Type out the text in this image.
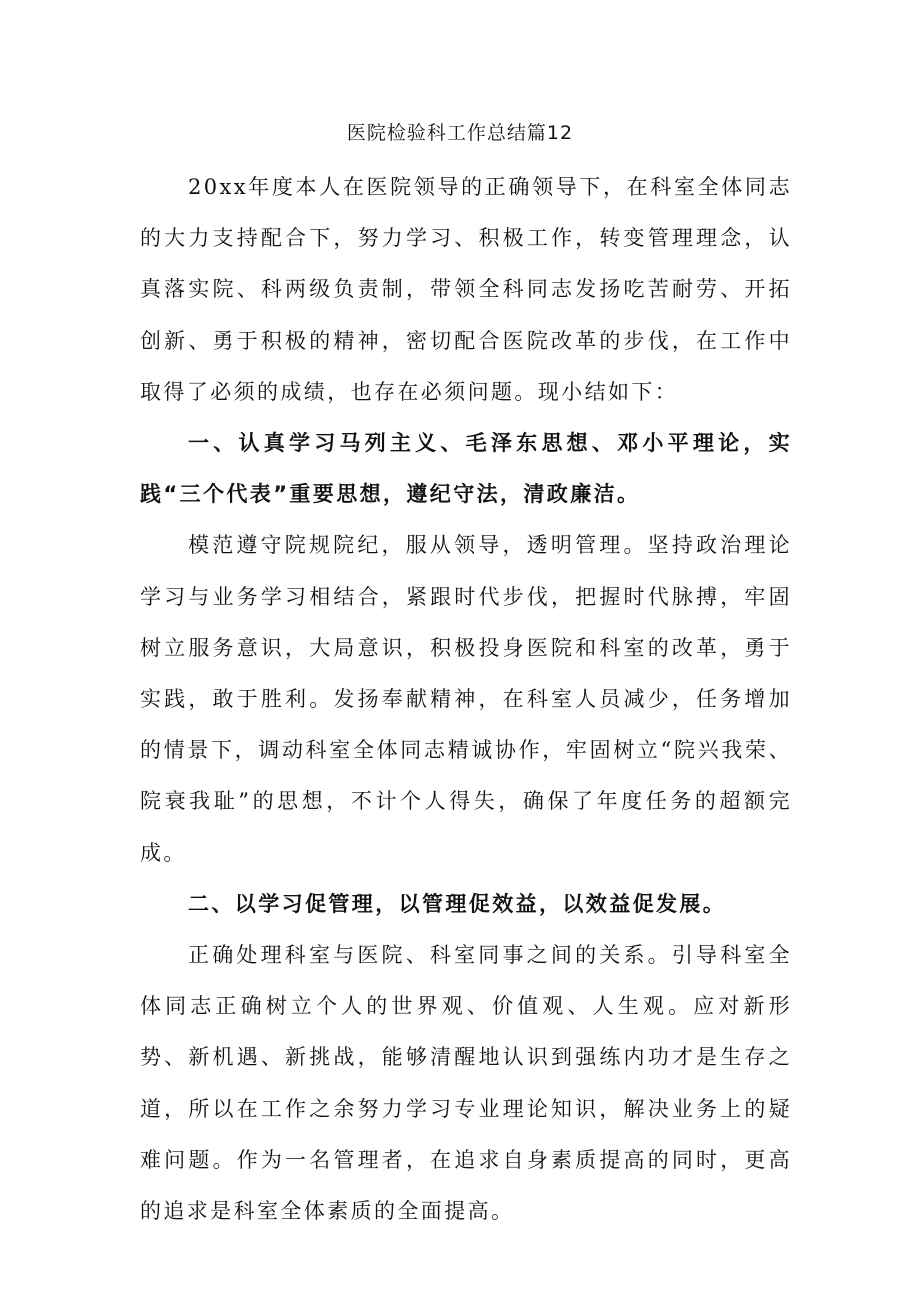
医院检验科工作总结篇12

20xx年度本人在医院领导的正确领导下，在科室全体同志的大力支持配合下，努力学习、积极工作，转变管理理念，认真落实院、科两级负责制，带领全科同志发扬吃苦耐劳、开拓创新、勇于积极的精神，密切配合医院改革的步伐，在工作中取得了必须的成绩，也存在必须问题。现小结如下：

一、认真学习马列主义、毛泽东思想、邓小平理论，实践“三个代表”重要思想，遵纪守法，清政廉洁。

模范遵守院规院纪，服从领导，透明管理。坚持政治理论学习与业务学习相结合，紧跟时代步伐，把握时代脉搏，牢固树立服务意识，大局意识，积极投身医院和科室的改革，勇于实践，敢于胜利。发扬奉献精神，在科室人员减少，任务增加的情景下，调动科室全体同志精诚协作，牢固树立“院兴我荣、院衰我耻”的思想，不计个人得失，确保了年度任务的超额完成。

二、以学习促管理，以管理促效益，以效益促发展。

正确处理科室与医院、科室同事之间的关系。引导科室全体同志正确树立个人的世界观、价值观、人生观。应对新形势、新机遇、新挑战，能够清醒地认识到强练内功才是生存之道，所以在工作之余努力学习专业理论知识，解决业务上的疑难问题。作为一名管理者，在追求自身素质提高的同时，更高的追求是科室全体素质的全面提高。
